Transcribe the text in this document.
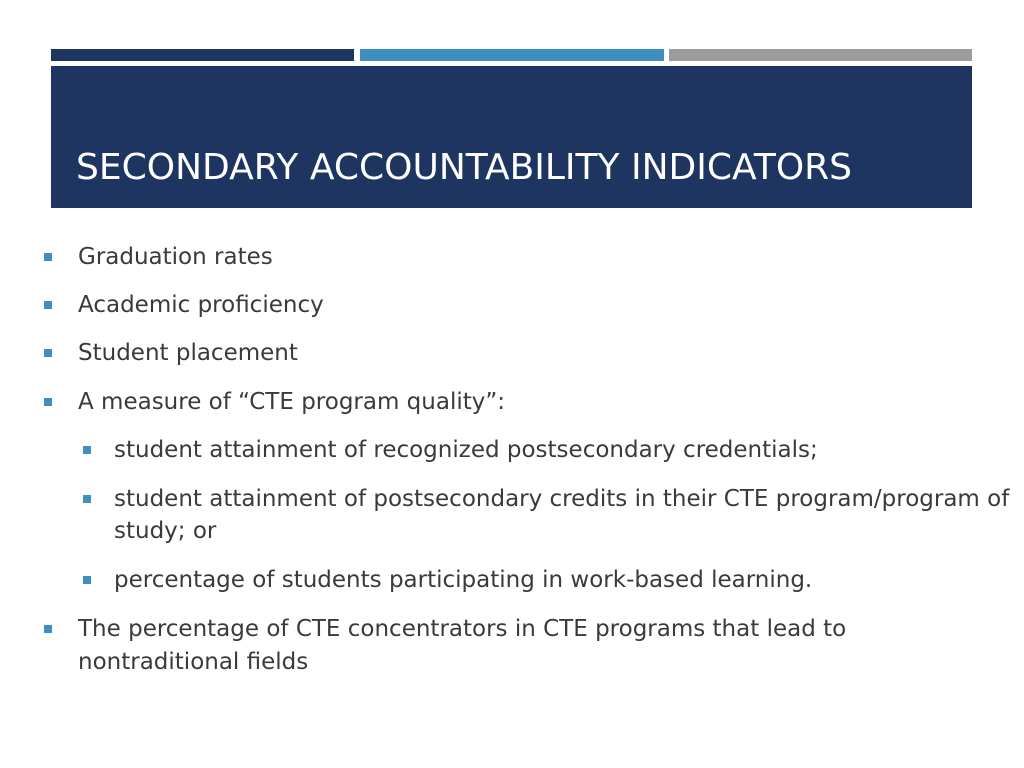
SECONDARY ACCOUNTABILITY INDICATORS
Graduation rates
Academic proficiency
Student placement
A measure of “CTE program quality”:
student attainment of recognized postsecondary credentials;
student attainment of postsecondary credits in their CTE program/program of
study; or
percentage of students participating in work-based learning.
The percentage of CTE concentrators in CTE programs that lead to
nontraditional fields
